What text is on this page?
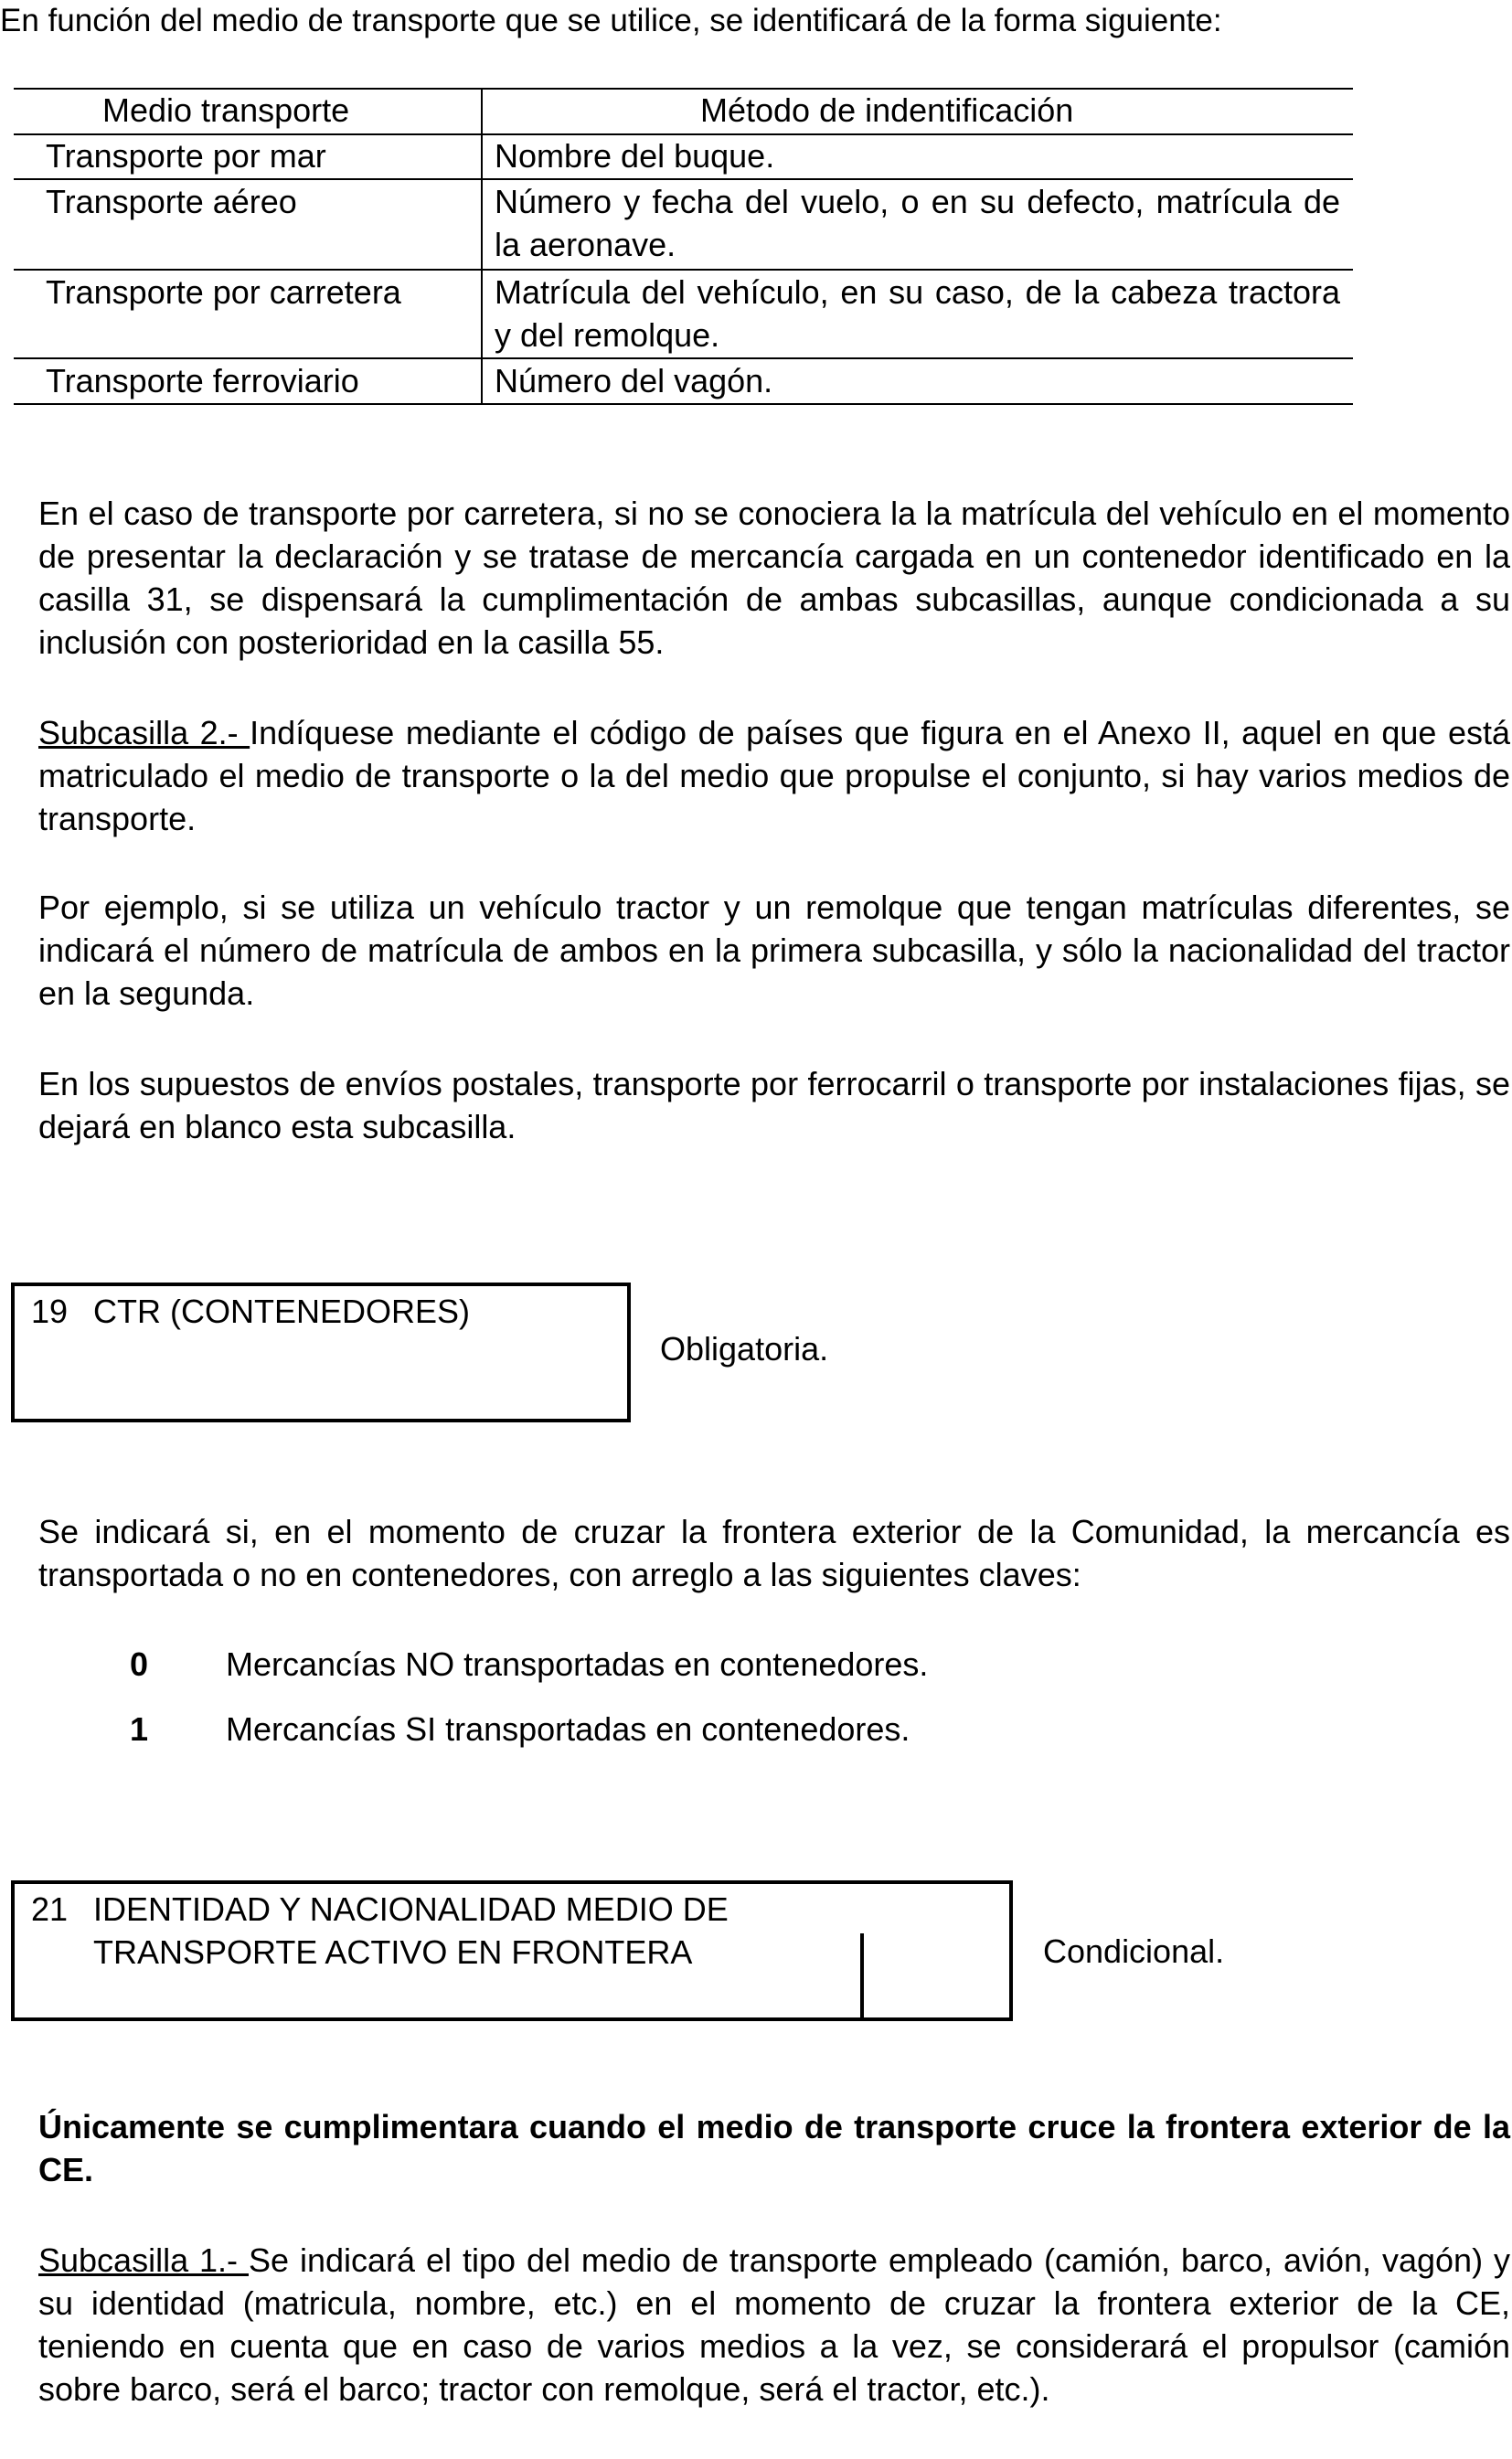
En función del medio de transporte que se utilice, se identificará de la forma siguiente:
Medio transporte	Método de indentificación
Transporte por mar	Nombre del buque.
Transporte aéreo	Número y fecha del vuelo, o en su defecto, matrícula de la aeronave.
Transporte por carretera	Matrícula del vehículo, en su caso, de la cabeza tractora y del remolque.
Transporte ferroviario	Número del vagón.
En el caso de transporte por carretera, si no se conociera la la matrícula del vehículo en el momento de presentar la declaración y se tratase de mercancía cargada en un contenedor identificado en la casilla 31, se dispensará la cumplimentación de ambas subcasillas, aunque condicionada a su inclusión con posterioridad en la casilla 55.
Subcasilla 2.- Indíquese mediante el código de países que figura en el Anexo II, aquel en que está matriculado el medio de transporte o la del medio que propulse el conjunto, si hay varios medios de transporte.
Por ejemplo, si se utiliza un vehículo tractor y un remolque que tengan matrículas diferentes, se indicará el número de matrícula de ambos en la primera subcasilla, y sólo la nacionalidad del tractor en la segunda.
En los supuestos de envíos postales, transporte por ferrocarril o transporte por instalaciones fijas, se dejará en blanco esta subcasilla.
19 CTR (CONTENEDORES)
Obligatoria.
Se indicará si, en el momento de cruzar la frontera exterior de la Comunidad, la mercancía es transportada o no en contenedores, con arreglo a las siguientes claves:
0 Mercancías NO transportadas en contenedores.
1 Mercancías SI transportadas en contenedores.
21 IDENTIDAD Y NACIONALIDAD MEDIO DE
TRANSPORTE ACTIVO EN FRONTERA	Condicional.
Únicamente se cumplimentara cuando el medio de transporte cruce la frontera exterior de la CE.
Subcasilla 1.- Se indicará el tipo del medio de transporte empleado (camión, barco, avión, vagón) y su identidad (matricula, nombre, etc.) en el momento de cruzar la frontera exterior de la CE, teniendo en cuenta que en caso de varios medios a la vez, se considerará el propulsor (camión sobre barco, será el barco; tractor con remolque, será el tractor, etc.).
